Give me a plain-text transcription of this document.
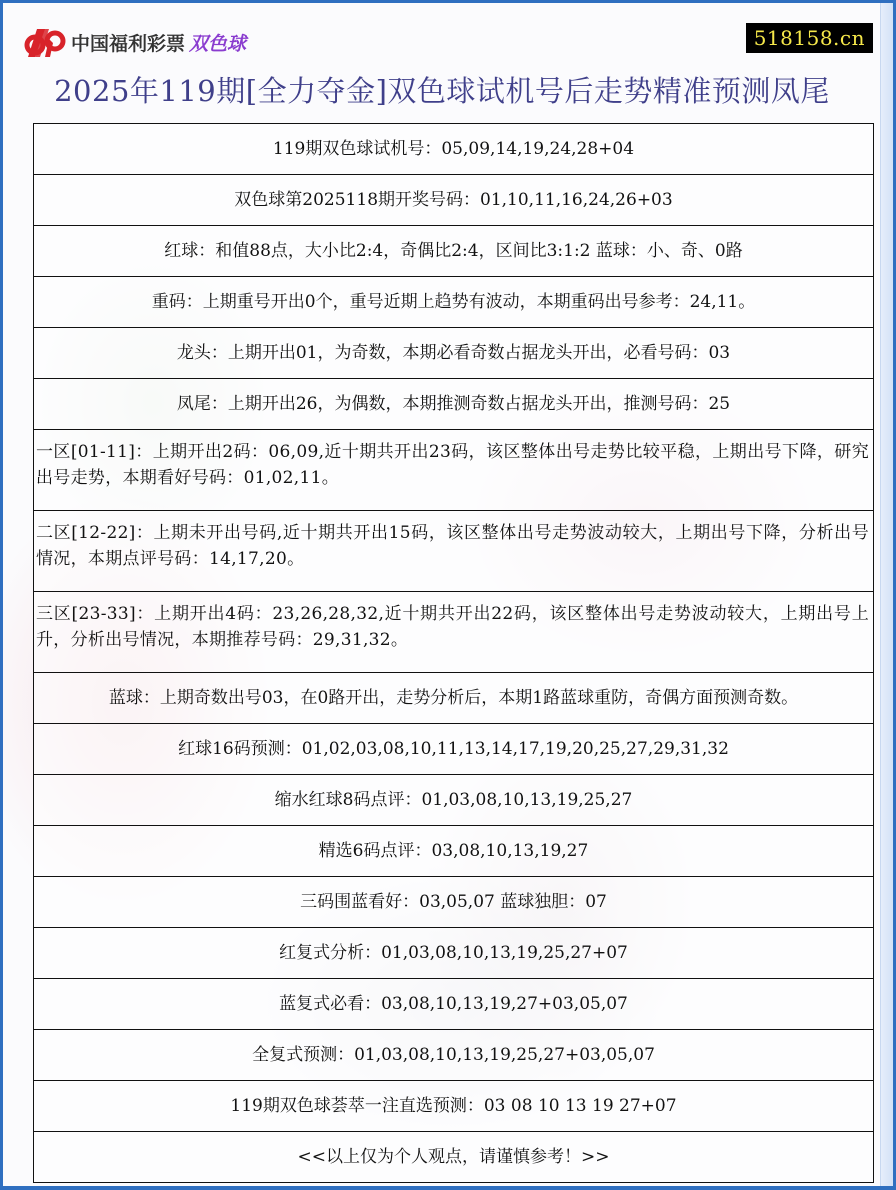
中国福利彩票 双色球	518158.cn
2025年119期[全力夺金]双色球试机号后走势精准预测凤尾
119期双色球试机号：05,09,14,19,24,28+04
双色球第2025118期开奖号码：01,10,11,16,24,26+03
红球：和值88点，大小比2:4，奇偶比2:4，区间比3:1:2 蓝球：小、奇、0路
重码：上期重号开出0个，重号近期上趋势有波动，本期重码出号参考：24,11。
龙头：上期开出01，为奇数，本期必看奇数占据龙头开出，必看号码：03
凤尾：上期开出26，为偶数，本期推测奇数占据龙头开出，推测号码：25
一区[01-11]：上期开出2码：06,09,近十期共开出23码，该区整体出号走势比较平稳，上期出号下降，研究出号走势，本期看好号码：01,02,11。
二区[12-22]：上期未开出号码,近十期共开出15码，该区整体出号走势波动较大，上期出号下降，分析出号情况，本期点评号码：14,17,20。
三区[23-33]：上期开出4码：23,26,28,32,近十期共开出22码，该区整体出号走势波动较大，上期出号上升，分析出号情况，本期推荐号码：29,31,32。
蓝球：上期奇数出号03，在0路开出，走势分析后，本期1路蓝球重防，奇偶方面预测奇数。
红球16码预测：01,02,03,08,10,11,13,14,17,19,20,25,27,29,31,32
缩水红球8码点评：01,03,08,10,13,19,25,27
精选6码点评：03,08,10,13,19,27
三码围蓝看好：03,05,07 蓝球独胆：07
红复式分析：01,03,08,10,13,19,25,27+07
蓝复式必看：03,08,10,13,19,27+03,05,07
全复式预测：01,03,08,10,13,19,25,27+03,05,07
119期双色球荟萃一注直选预测：03 08 10 13 19 27+07
<<以上仅为个人观点，请谨慎参考！>>
